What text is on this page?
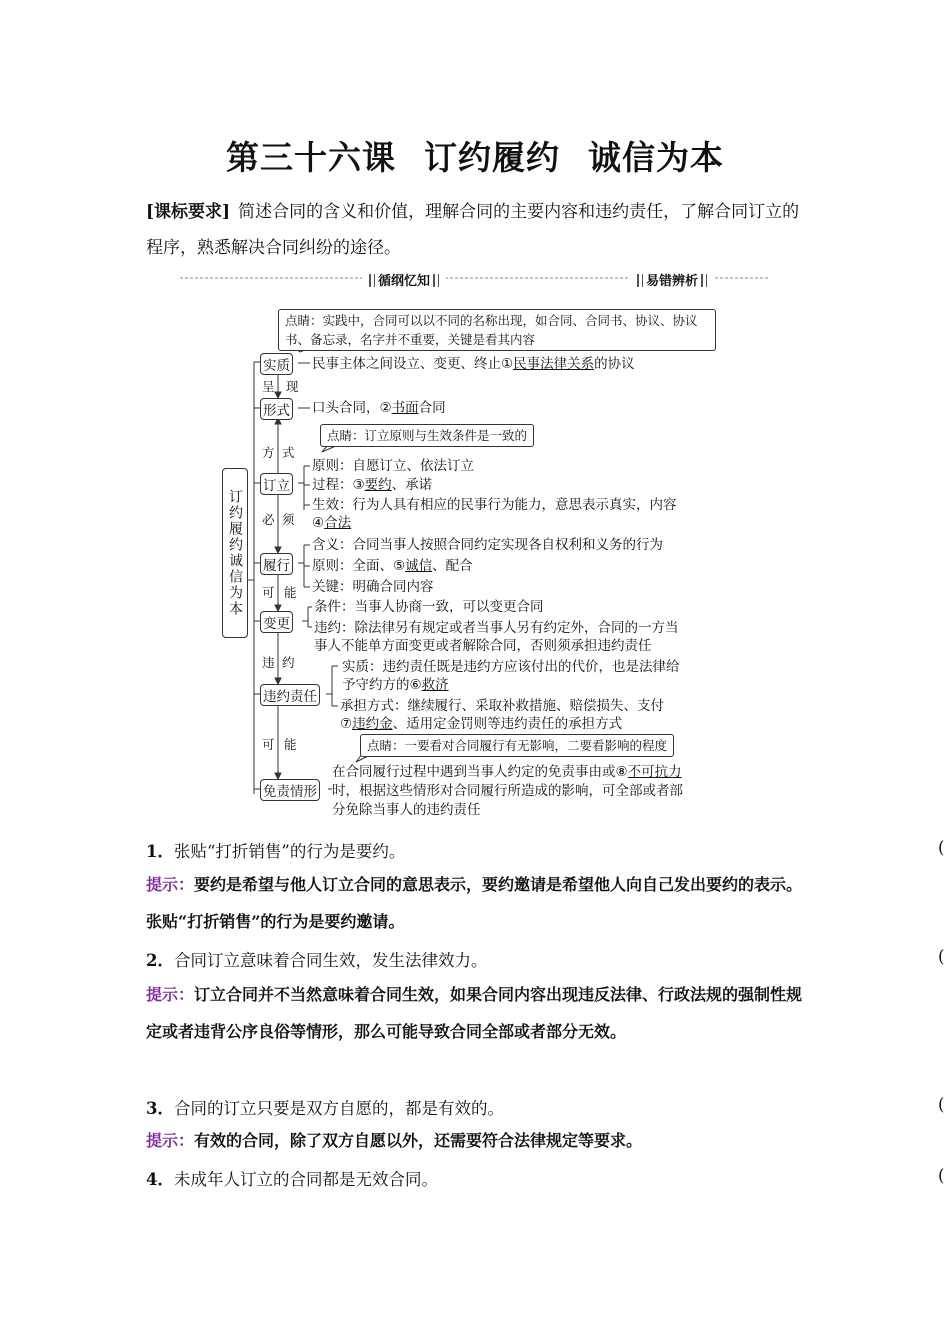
第三十六课 订约履约 诚信为本
[课标要求] 简述合同的含义和价值，理解合同的主要内容和违约责任，了解合同订立的程序，熟悉解决合同纠纷的途径。
循纲忆知	易错辨析
订约履约诚信为本
点睛：实践中，合同可以以不同的名称出现，如合同、合同书、协议、协议书、备忘录，名字并不重要，关键是看其内容
点睛：订立原则与生效条件是一致的
点睛：一要看对合同履行有无影响，二要看影响的程度
实质
形式
订立
履行
变更
违约责任
免责情形
呈 现
方 式
必 须
可 能
违 约
可 能
民事主体之间设立、变更、终止①民事法律关系的协议
口头合同，②书面合同
原则：自愿订立、依法订立
过程：③要约、承诺
生效：行为人具有相应的民事行为能力，意思表示真实，内容
④合法
含义：合同当事人按照合同约定实现各自权利和义务的行为
原则：全面、⑤诚信、配合
关键：明确合同内容
条件：当事人协商一致，可以变更合同
违约：除法律另有规定或者当事人另有约定外，合同的一方当
事人不能单方面变更或者解除合同，否则须承担违约责任
实质：违约责任既是违约方应该付出的代价，也是法律给
予守约方的⑥救济
承担方式：继续履行、采取补救措施、赔偿损失、支付
⑦违约金、适用定金罚则等违约责任的承担方式
在合同履行过程中遇到当事人约定的免责事由或⑧不可抗力
时，根据这些情形对合同履行所造成的影响，可全部或者部
分免除当事人的违约责任
1．张贴“打折销售”的行为是要约。	(
提示：要约是希望与他人订立合同的意思表示，要约邀请是希望他人向自己发出要约的表示。张贴“打折销售”的行为是要约邀请。
2．合同订立意味着合同生效，发生法律效力。	(
提示：订立合同并不当然意味着合同生效，如果合同内容出现违反法律、行政法规的强制性规定或者违背公序良俗等情形，那么可能导致合同全部或者部分无效。
3．合同的订立只要是双方自愿的，都是有效的。	(
提示：有效的合同，除了双方自愿以外，还需要符合法律规定等要求。
4．未成年人订立的合同都是无效合同。	(
